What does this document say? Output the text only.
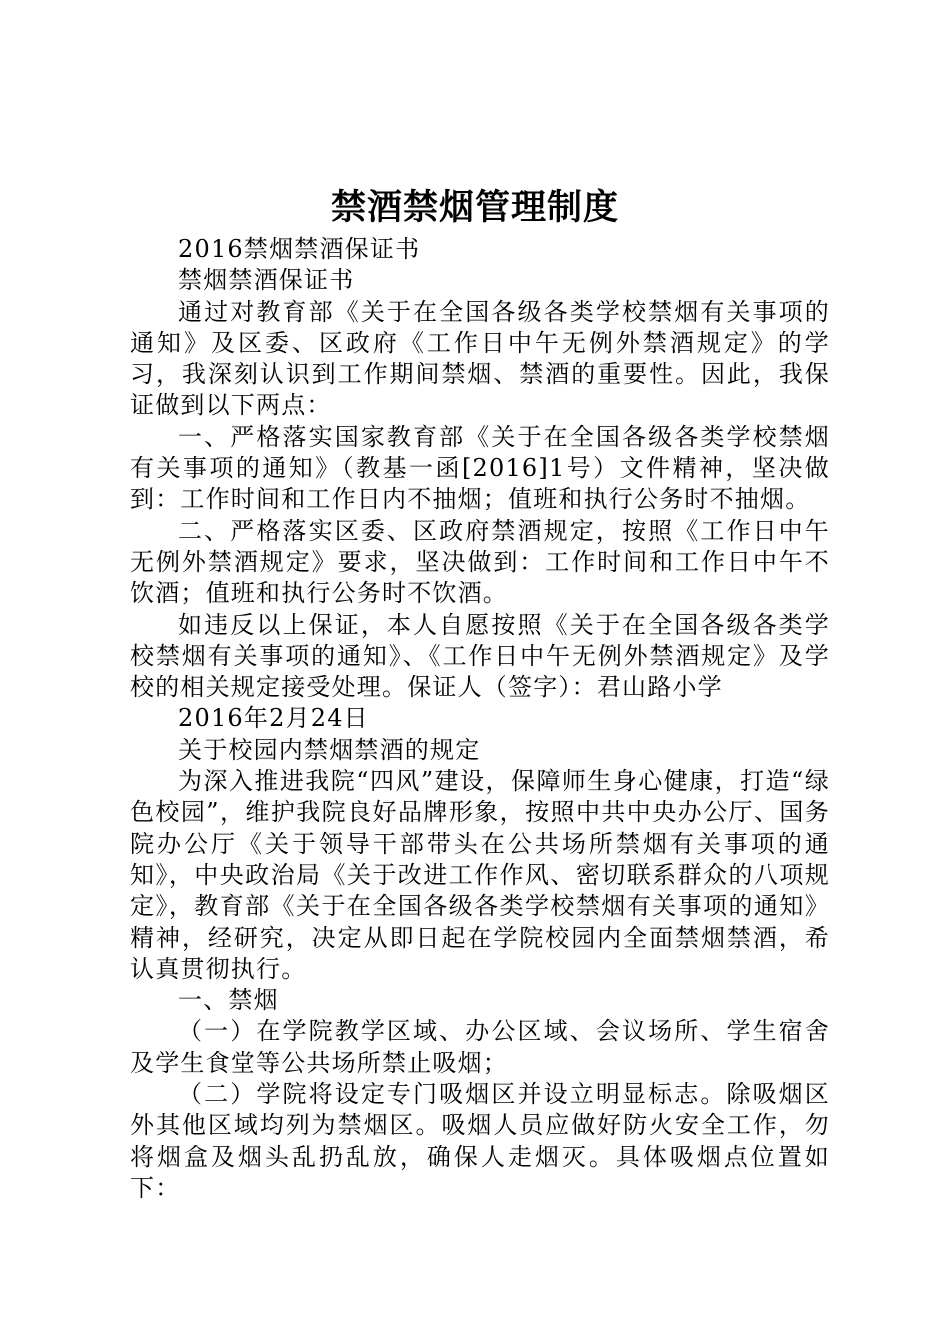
禁酒禁烟管理制度

2016禁烟禁酒保证书

禁烟禁酒保证书

通过对教育部《关于在全国各级各类学校禁烟有关事项的通知》及区委、区政府《工作日中午无例外禁酒规定》的学习，我深刻认识到工作期间禁烟、禁酒的重要性。因此，我保证做到以下两点：

一、严格落实国家教育部《关于在全国各级各类学校禁烟有关事项的通知》（教基一函[2016]1号）文件精神，坚决做到：工作时间和工作日内不抽烟；值班和执行公务时不抽烟。

二、严格落实区委、区政府禁酒规定，按照《工作日中午无例外禁酒规定》要求，坚决做到：工作时间和工作日中午不饮酒；值班和执行公务时不饮酒。

如违反以上保证，本人自愿按照《关于在全国各级各类学校禁烟有关事项的通知》、《工作日中午无例外禁酒规定》及学校的相关规定接受处理。保证人（签字）：君山路小学

2016年2月24日

关于校园内禁烟禁酒的规定

为深入推进我院“四风”建设，保障师生身心健康，打造“绿色校园”，维护我院良好品牌形象，按照中共中央办公厅、国务院办公厅《关于领导干部带头在公共场所禁烟有关事项的通知》，中央政治局《关于改进工作作风、密切联系群众的八项规定》，教育部《关于在全国各级各类学校禁烟有关事项的通知》精神，经研究，决定从即日起在学院校园内全面禁烟禁酒，希认真贯彻执行。

一、禁烟

（一）在学院教学区域、办公区域、会议场所、学生宿舍及学生食堂等公共场所禁止吸烟；

（二）学院将设定专门吸烟区并设立明显标志。除吸烟区外其他区域均列为禁烟区。吸烟人员应做好防火安全工作，勿将烟盒及烟头乱扔乱放，确保人走烟灭。具体吸烟点位置如下：
